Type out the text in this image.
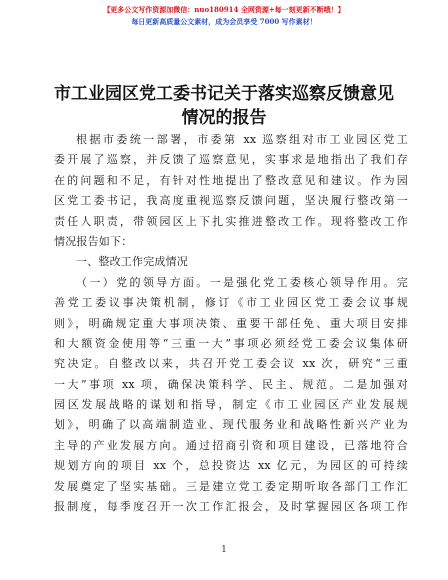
【更多公文写作资源加微信：nuo180914 全网资源+每一刻更新不断哦！】
每日更新高质量公文素材，成为会员享受 7000 写作素材！
市工业园区党工委书记关于落实巡察反馈意见
情况的报告
根据市委统一部署，市委第 xx 巡察组对市工业园区党工
委开展了巡察，并反馈了巡察意见，实事求是地指出了我们存
在的问题和不足，有针对性地提出了整改意见和建议。作为园
区党工委书记，我高度重视巡察反馈问题，坚决履行整改第一
责任人职责，带领园区上下扎实推进整改工作。现将整改工作
情况报告如下：
一、整改工作完成情况
（一）党的领导方面。一是强化党工委核心领导作用。完
善党工委议事决策机制，修订《市工业园区党工委会议事规
则》，明确规定重大事项决策、重要干部任免、重大项目安排
和大额资金使用等“三重一大”事项必须经党工委会议集体研
究决定。自整改以来，共召开党工委会议 xx 次，研究“三重
一大”事项 xx 项，确保决策科学、民主、规范。二是加强对
园区发展战略的谋划和指导，制定《市工业园区产业发展规
划》，明确了以高端制造业、现代服务业和战略性新兴产业为
主导的产业发展方向。通过招商引资和项目建设，已落地符合
规划方向的项目 xx 个，总投资达 xx 亿元，为园区的可持续
发展奠定了坚实基础。三是建立党工委定期听取各部门工作汇
报制度，每季度召开一次工作汇报会，及时掌握园区各项工作
1
